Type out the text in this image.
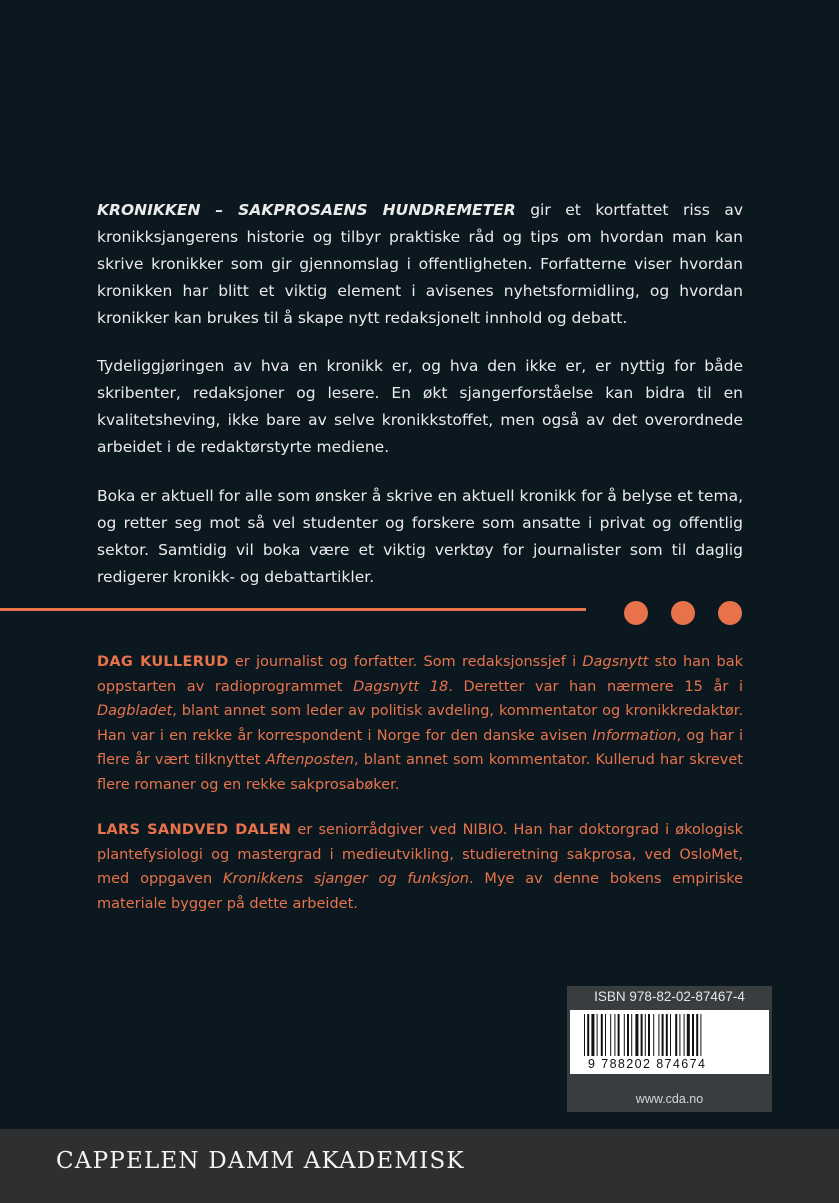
KRONIKKEN – SAKPROSAENS HUNDREMETER gir et kortfattet riss av kronikksjangerens historie og tilbyr praktiske råd og tips om hvordan man kan skrive kronikker som gir gjennomslag i offentligheten. Forfatterne viser hvordan kronikken har blitt et viktig element i avisenes nyhetsformidling, og hvordan kronikker kan brukes til å skape nytt redaksjonelt innhold og debatt.

Tydeliggjøringen av hva en kronikk er, og hva den ikke er, er nyttig for både skribenter, redaksjoner og lesere. En økt sjangerforståelse kan bidra til en kvalitetsheving, ikke bare av selve kronikkstoffet, men også av det overordnede arbeidet i de redaktørstyrte mediene.

Boka er aktuell for alle som ønsker å skrive en aktuell kronikk for å belyse et tema, og retter seg mot så vel studenter og forskere som ansatte i privat og offentlig sektor. Samtidig vil boka være et viktig verktøy for journalister som til daglig redigerer kronikk- og debattartikler.

DAG KULLERUD er journalist og forfatter. Som redaksjonssjef i Dagsnytt sto han bak oppstarten av radioprogrammet Dagsnytt 18. Deretter var han nærmere 15 år i Dagbladet, blant annet som leder av politisk avdeling, kommentator og kronikkredaktør. Han var i en rekke år korrespondent i Norge for den danske avisen Information, og har i flere år vært tilknyttet Aftenposten, blant annet som kommentator. Kullerud har skrevet flere romaner og en rekke sakprosabøker.

LARS SANDVED DALEN er seniorrådgiver ved NIBIO. Han har doktorgrad i økologisk plantefysiologi og mastergrad i medieutvikling, studieretning sakprosa, ved OsloMet, med oppgaven Kronikkens sjanger og funksjon. Mye av denne bokens empiriske materiale bygger på dette arbeidet.

ISBN 978-82-02-87467-4
9 788202 874674
www.cda.no
CAPPELEN DAMM AKADEMISK
